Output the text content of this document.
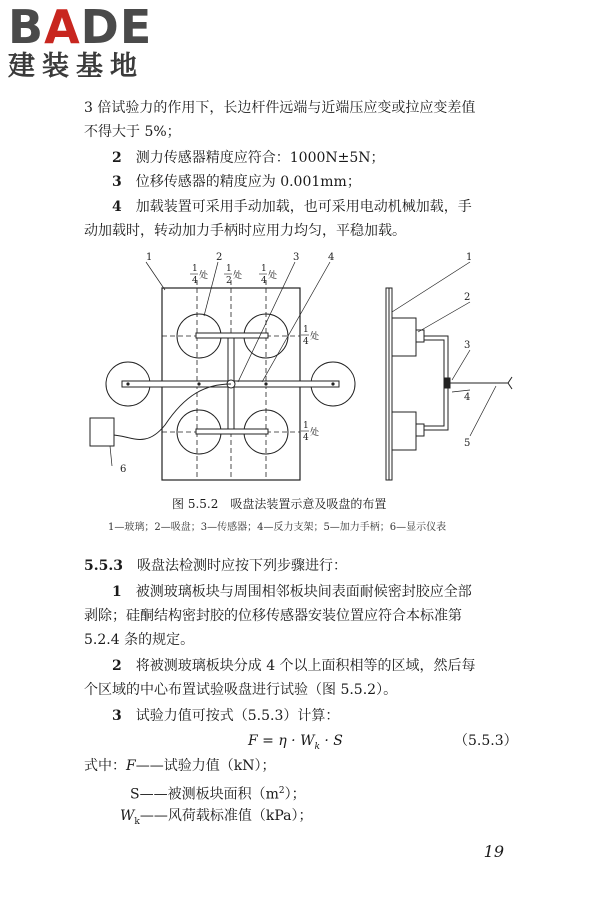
BADE
建装基地

3 倍试验力的作用下，长边杆件远端与近端压应变或拉应变差值

不得大于 5%；

2　 测力传感器精度应符合：1000N±5N；

3　 位移传感器的精度应为 0.001mm；

4　 加载装置可采用手动加载，也可采用电动机械加载，手

动加载时，转动加力手柄时应用力均匀，平稳加载。

1	2	3	4
6
1
2
3
4
5
1
4 处
1
2 处
1
4 处
1
4 处
1
4 处
图 5.5.2　吸盘法装置示意及吸盘的布置
1—玻璃；2—吸盘；3—传感器；4—反力支架；5—加力手柄；6—显示仪表

5.5.3　 吸盘法检测时应按下列步骤进行：

1　 被测玻璃板块与周围相邻板块间表面耐候密封胶应全部

剥除；硅酮结构密封胶的位移传感器安装位置应符合本标准第

5.2.4 条的规定。

2　 将被测玻璃板块分成 4 个以上面积相等的区域，然后每

个区域的中心布置试验吸盘进行试验（图 5.5.2）。

3　 试验力值可按式（5.5.3）计算：

$F = \eta \cdot W_k \cdot S$	（5.5.3）

式中：F——试验力值（kN）；

S——被测板块面积$(m^2)$；

$W_k——$风荷载标准值（kPa）；

19
